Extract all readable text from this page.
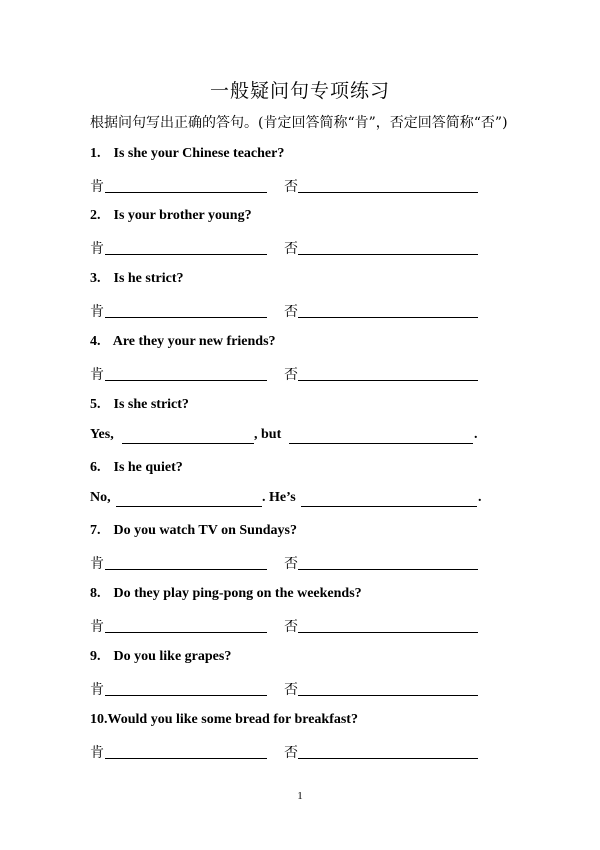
一般疑问句专项练习
根据问句写出正确的答句。(肯定回答简称“肯”，否定回答简称“否”)
1. Is she your Chinese teacher?
肯	否
2. Is your brother young?
肯	否
3. Is he strict?
肯	否
4. Are they your new friends?
肯	否
5. Is she strict?
Yes,	, but	.
6. Is he quiet?
No,	. He’s	.
7. Do you watch TV on Sundays?
肯	否
8. Do they play ping-pong on the weekends?
肯	否
9. Do you like grapes?
肯	否
10.Would you like some bread for breakfast?
肯	否
1
